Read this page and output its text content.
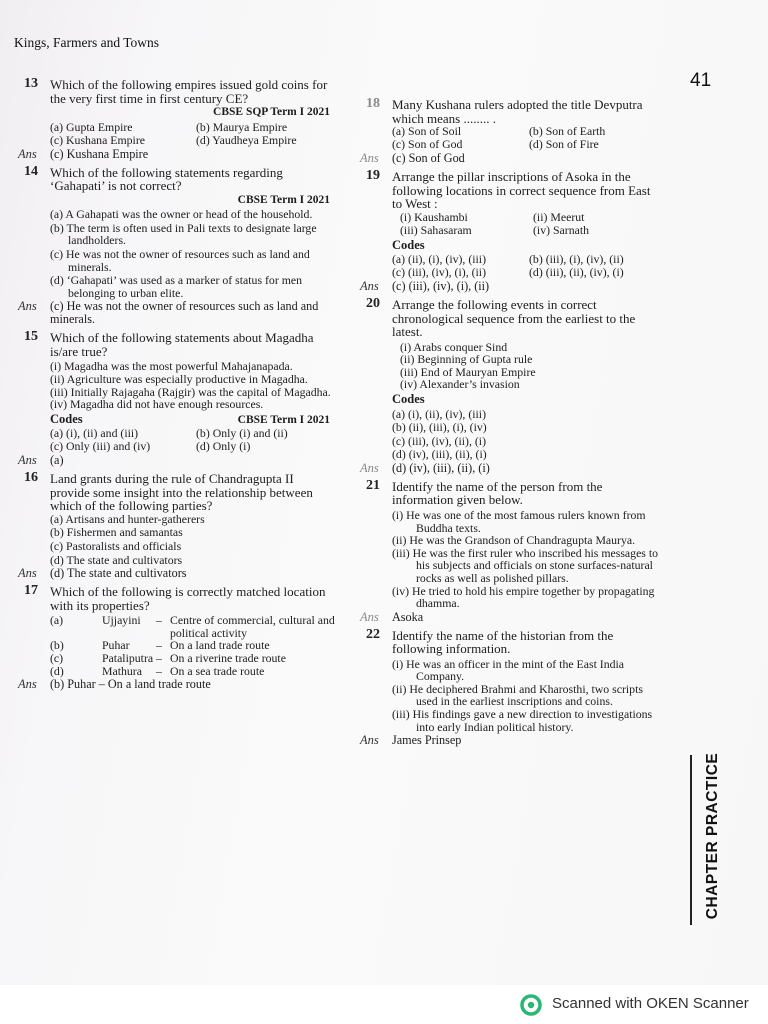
Kings, Farmers and Towns
41
13 Which of the following empires issued gold coins for the very first time in first century CE?
CBSE SQP Term I 2021
(a) Gupta Empire	(b) Maurya Empire
(c) Kushana Empire	(d) Yaudheya Empire
Ans (c) Kushana Empire
14 Which of the following statements regarding ‘Gahapati’ is not correct?
CBSE Term I 2021
(a) A Gahapati was the owner or head of the household.
(b) The term is often used in Pali texts to designate large landholders.
(c) He was not the owner of resources such as land and minerals.
(d) ‘Gahapati’ was used as a marker of status for men belonging to urban elite.
Ans (c) He was not the owner of resources such as land and minerals.
15 Which of the following statements about Magadha is/are true?
(i) Magadha was the most powerful Mahajanapada.
(ii) Agriculture was especially productive in Magadha.
(iii) Initially Rajagaha (Rajgir) was the capital of Magadha.
(iv) Magadha did not have enough resources.
Codes	CBSE Term I 2021
(a) (i), (ii) and (iii)	(b) Only (i) and (ii)
(c) Only (iii) and (iv)	(d) Only (i)
Ans (a)
16 Land grants during the rule of Chandragupta II provide some insight into the relationship between which of the following parties?
(a) Artisans and hunter-gatherers
(b) Fishermen and samantas
(c) Pastoralists and officials
(d) The state and cultivators
Ans (d) The state and cultivators
17 Which of the following is correctly matched location with its properties?
(a)	Ujjayini	– Centre of commercial, cultural and political activity
(b)	Puhar	– On a land trade route
(c)	Pataliputra – On a riverine trade route
(d)	Mathura	– On a sea trade route
Ans (b) Puhar – On a land trade route
18 Many Kushana rulers adopted the title Devputra which means ........ .
(a) Son of Soil	(b) Son of Earth
(c) Son of God	(d) Son of Fire
Ans (c) Son of God
19 Arrange the pillar inscriptions of Asoka in the following locations in correct sequence from East to West :
(i) Kaushambi	(ii) Meerut
(iii) Sahasaram	(iv) Sarnath
Codes
(a) (ii), (i), (iv), (iii)	(b) (iii), (i), (iv), (ii)
(c) (iii), (iv), (i), (ii)	(d) (iii), (ii), (iv), (i)
Ans (c) (iii), (iv), (i), (ii)
20 Arrange the following events in correct chronological sequence from the earliest to the latest.
(i) Arabs conquer Sind
(ii) Beginning of Gupta rule
(iii) End of Mauryan Empire
(iv) Alexander’s invasion
Codes
(a) (i), (ii), (iv), (iii)
(b) (ii), (iii), (i), (iv)
(c) (iii), (iv), (ii), (i)
(d) (iv), (iii), (ii), (i)
Ans (d) (iv), (iii), (ii), (i)
21 Identify the name of the person from the information given below.
(i) He was one of the most famous rulers known from Buddha texts.
(ii) He was the Grandson of Chandragupta Maurya.
(iii) He was the first ruler who inscribed his messages to his subjects and officials on stone surfaces-natural rocks as well as polished pillars.
(iv) He tried to hold his empire together by propagating dhamma.
Ans Asoka
22 Identify the name of the historian from the following information.
(i) He was an officer in the mint of the East India Company.
(ii) He deciphered Brahmi and Kharosthi, two scripts used in the earliest inscriptions and coins.
(iii) His findings gave a new direction to investigations into early Indian political history.
Ans James Prinsep
CHAPTER PRACTICE
Scanned with OKEN Scanner
